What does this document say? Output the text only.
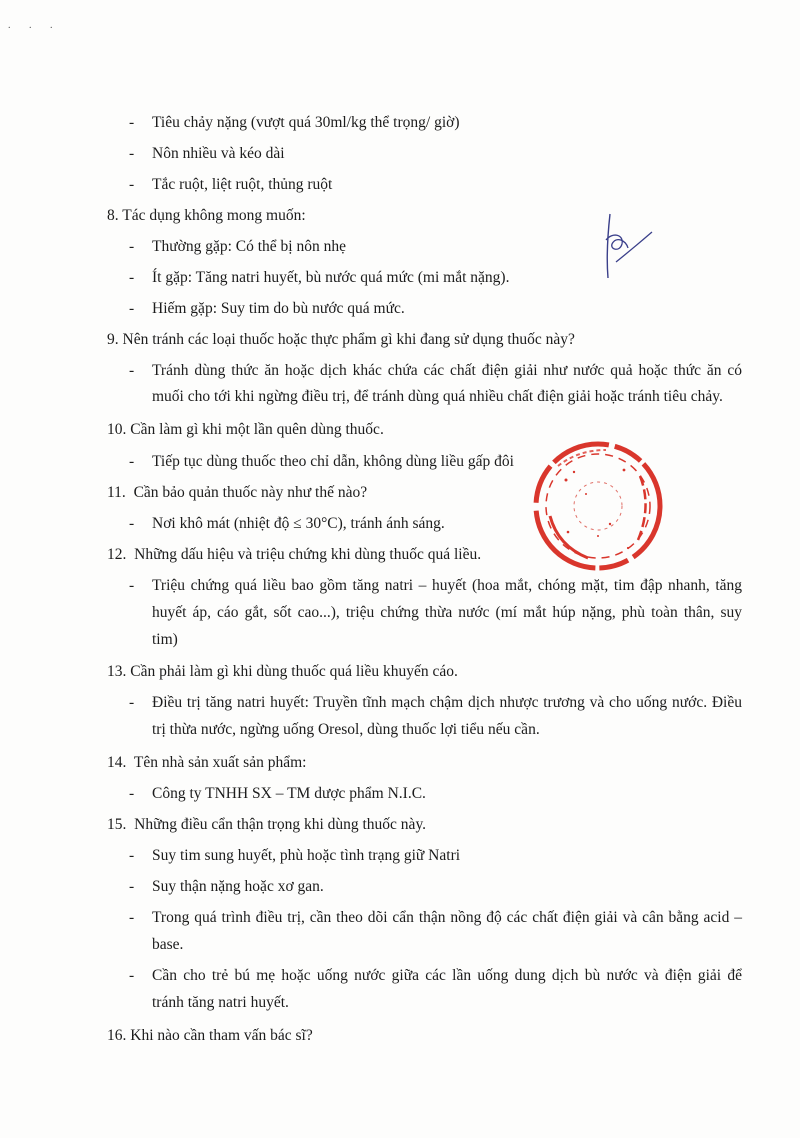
. . .
- Tiêu chảy nặng (vượt quá 30ml/kg thể trọng/ giờ)
- Nôn nhiều và kéo dài
- Tắc ruột, liệt ruột, thủng ruột
8. Tác dụng không mong muốn:
- Thường gặp: Có thể bị nôn nhẹ
- Ít gặp: Tăng natri huyết, bù nước quá mức (mi mắt nặng).
- Hiếm gặp: Suy tim do bù nước quá mức.
9. Nên tránh các loại thuốc hoặc thực phẩm gì khi đang sử dụng thuốc này?
- Tránh dùng thức ăn hoặc dịch khác chứa các chất điện giải như nước quả hoặc thức ăn có
muối cho tới khi ngừng điều trị, để tránh dùng quá nhiều chất điện giải hoặc tránh tiêu chảy.
10. Cần làm gì khi một lần quên dùng thuốc.
- Tiếp tục dùng thuốc theo chỉ dẫn, không dùng liều gấp đôi
11. Cần bảo quản thuốc này như thế nào?
- Nơi khô mát (nhiệt độ ≤ 30°C), tránh ánh sáng.
12. Những dấu hiệu và triệu chứng khi dùng thuốc quá liều.
- Triệu chứng quá liều bao gồm tăng natri – huyết (hoa mắt, chóng mặt, tim đập nhanh, tăng
huyết áp, cáo gắt, sốt cao...), triệu chứng thừa nước (mí mắt húp nặng, phù toàn thân, suy
tim)
13. Cần phải làm gì khi dùng thuốc quá liều khuyến cáo.
- Điều trị tăng natri huyết: Truyền tĩnh mạch chậm dịch nhược trương và cho uống nước. Điều
trị thừa nước, ngừng uống Oresol, dùng thuốc lợi tiểu nếu cần.
14. Tên nhà sản xuất sản phẩm:
- Công ty TNHH SX – TM dược phẩm N.I.C.
15. Những điều cẩn thận trọng khi dùng thuốc này.
- Suy tim sung huyết, phù hoặc tình trạng giữ Natri
- Suy thận nặng hoặc xơ gan.
- Trong quá trình điều trị, cần theo dõi cẩn thận nồng độ các chất điện giải và cân bằng acid –
base.
- Cần cho trẻ bú mẹ hoặc uống nước giữa các lần uống dung dịch bù nước và điện giải để
tránh tăng natri huyết.
16. Khi nào cần tham vấn bác sĩ?
